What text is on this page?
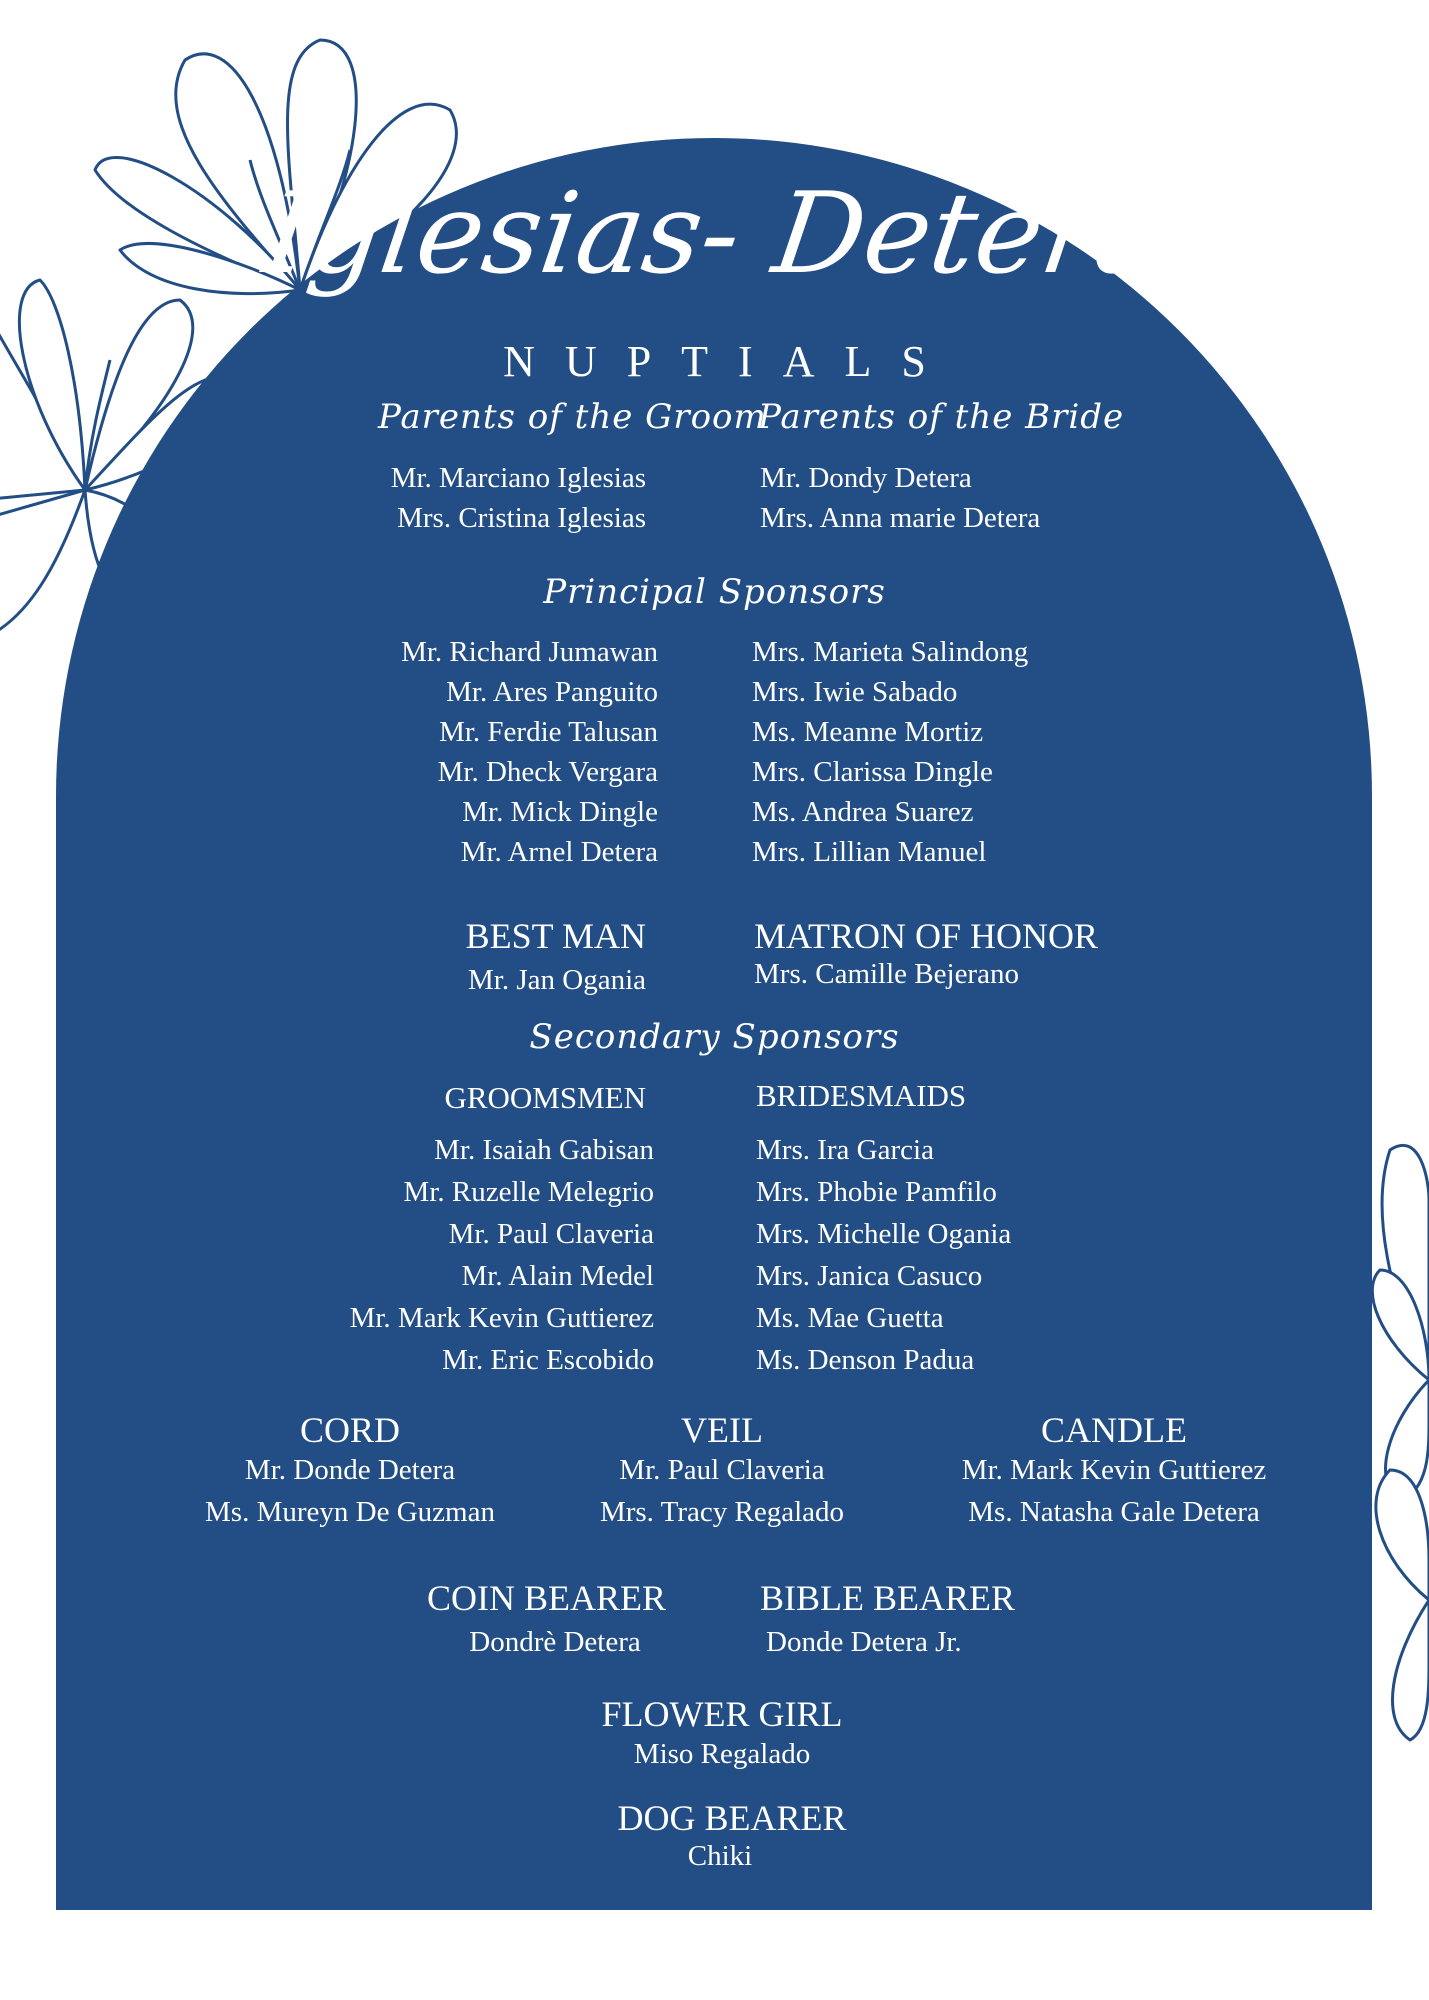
Iglesias- Detera
NUPTIALS
Parents of the Groom
Parents of the Bride
Mr. Marciano Iglesias
Mrs. Cristina Iglesias
Mr. Dondy Detera
Mrs. Anna marie Detera
Principal Sponsors
Mr. Richard Jumawan
Mr. Ares Panguito
Mr. Ferdie Talusan
Mr. Dheck Vergara
Mr. Mick Dingle
Mr. Arnel Detera
Mrs. Marieta Salindong
Mrs. Iwie Sabado
Ms. Meanne Mortiz
Mrs. Clarissa Dingle
Ms. Andrea Suarez
Mrs. Lillian Manuel
BEST MAN
Mr. Jan Ogania
MATRON OF HONOR
Mrs. Camille Bejerano
Secondary Sponsors
GROOMSMEN	BRIDESMAIDS
Mr. Isaiah Gabisan
Mr. Ruzelle Melegrio
Mr. Paul Claveria
Mr. Alain Medel
Mr. Mark Kevin Guttierez
Mr. Eric Escobido
Mrs. Ira Garcia
Mrs. Phobie Pamfilo
Mrs. Michelle Ogania
Mrs. Janica Casuco
Ms. Mae Guetta
Ms. Denson Padua
CORD
Mr. Donde Detera
Ms. Mureyn De Guzman
VEIL
Mr. Paul Claveria
Mrs. Tracy Regalado
CANDLE
Mr. Mark Kevin Guttierez
Ms. Natasha Gale Detera
COIN BEARER
Dondrè Detera
BIBLE BEARER
Donde Detera Jr.
FLOWER GIRL
Miso Regalado
DOG BEARER
Chiki
